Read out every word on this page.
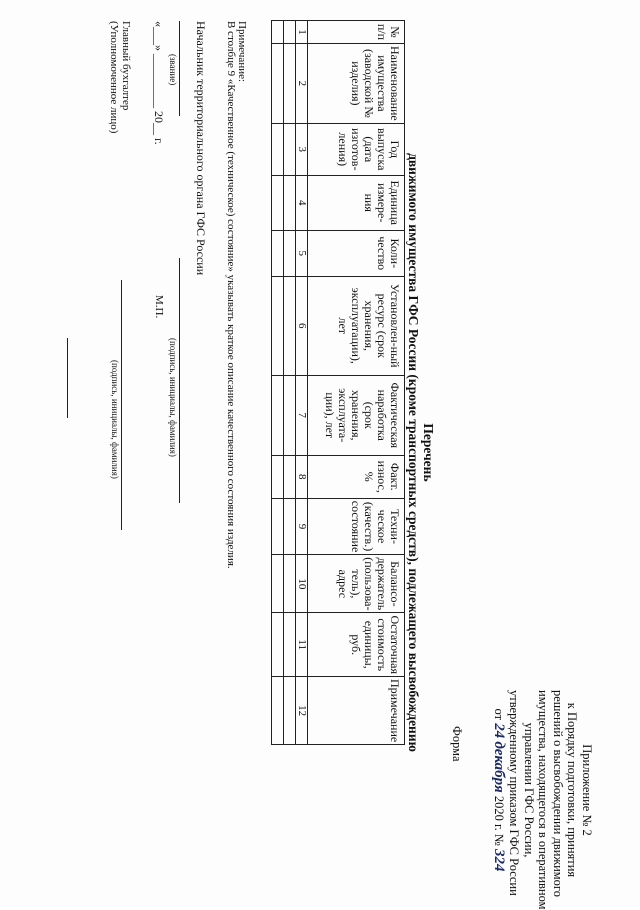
Приложение № 2
к Порядку подготовки, принятия
решений о высвобождении движимого
имущества, находящегося в оперативном
управлении ГФС России,
утвержденному приказом ГФС России
от 24 декабря 2020 г. № 324
Форма
Перечень
движимого имущества ГФС России (кроме транспортных средств), подлежащего высвобождению
№ п/п	Наименование имущества (заводской № изделия)	Год выпуска (дата изготов-ления)	Единица измере-ния	Коли-чество	Установлен-ный ресурс (срок хранения, эксплуатации), лет	Фактическая наработка (срок хранения, эксплуата-ции), лет	Факт. износ, %	Техни-ческое (качеств.) состояние	Балансо-держатель (пользова-тель), адрес	Остаточная стоимость единицы, руб.	Примечание
1	2	3	4	5	6	7	8	9	10	11	12

Примечание:
В столбце 9 «Качественное (техническое) состояние» указывать краткое описание качественного состояния изделия.
Начальник территориального органа ГФС России
(звание)
(подпись, инициалы, фамилия)
«___» _________ 20__ г.
М.П.
Главный бухгалтер
(Уполномоченное лицо)
(подпись, инициалы, фамилия)
